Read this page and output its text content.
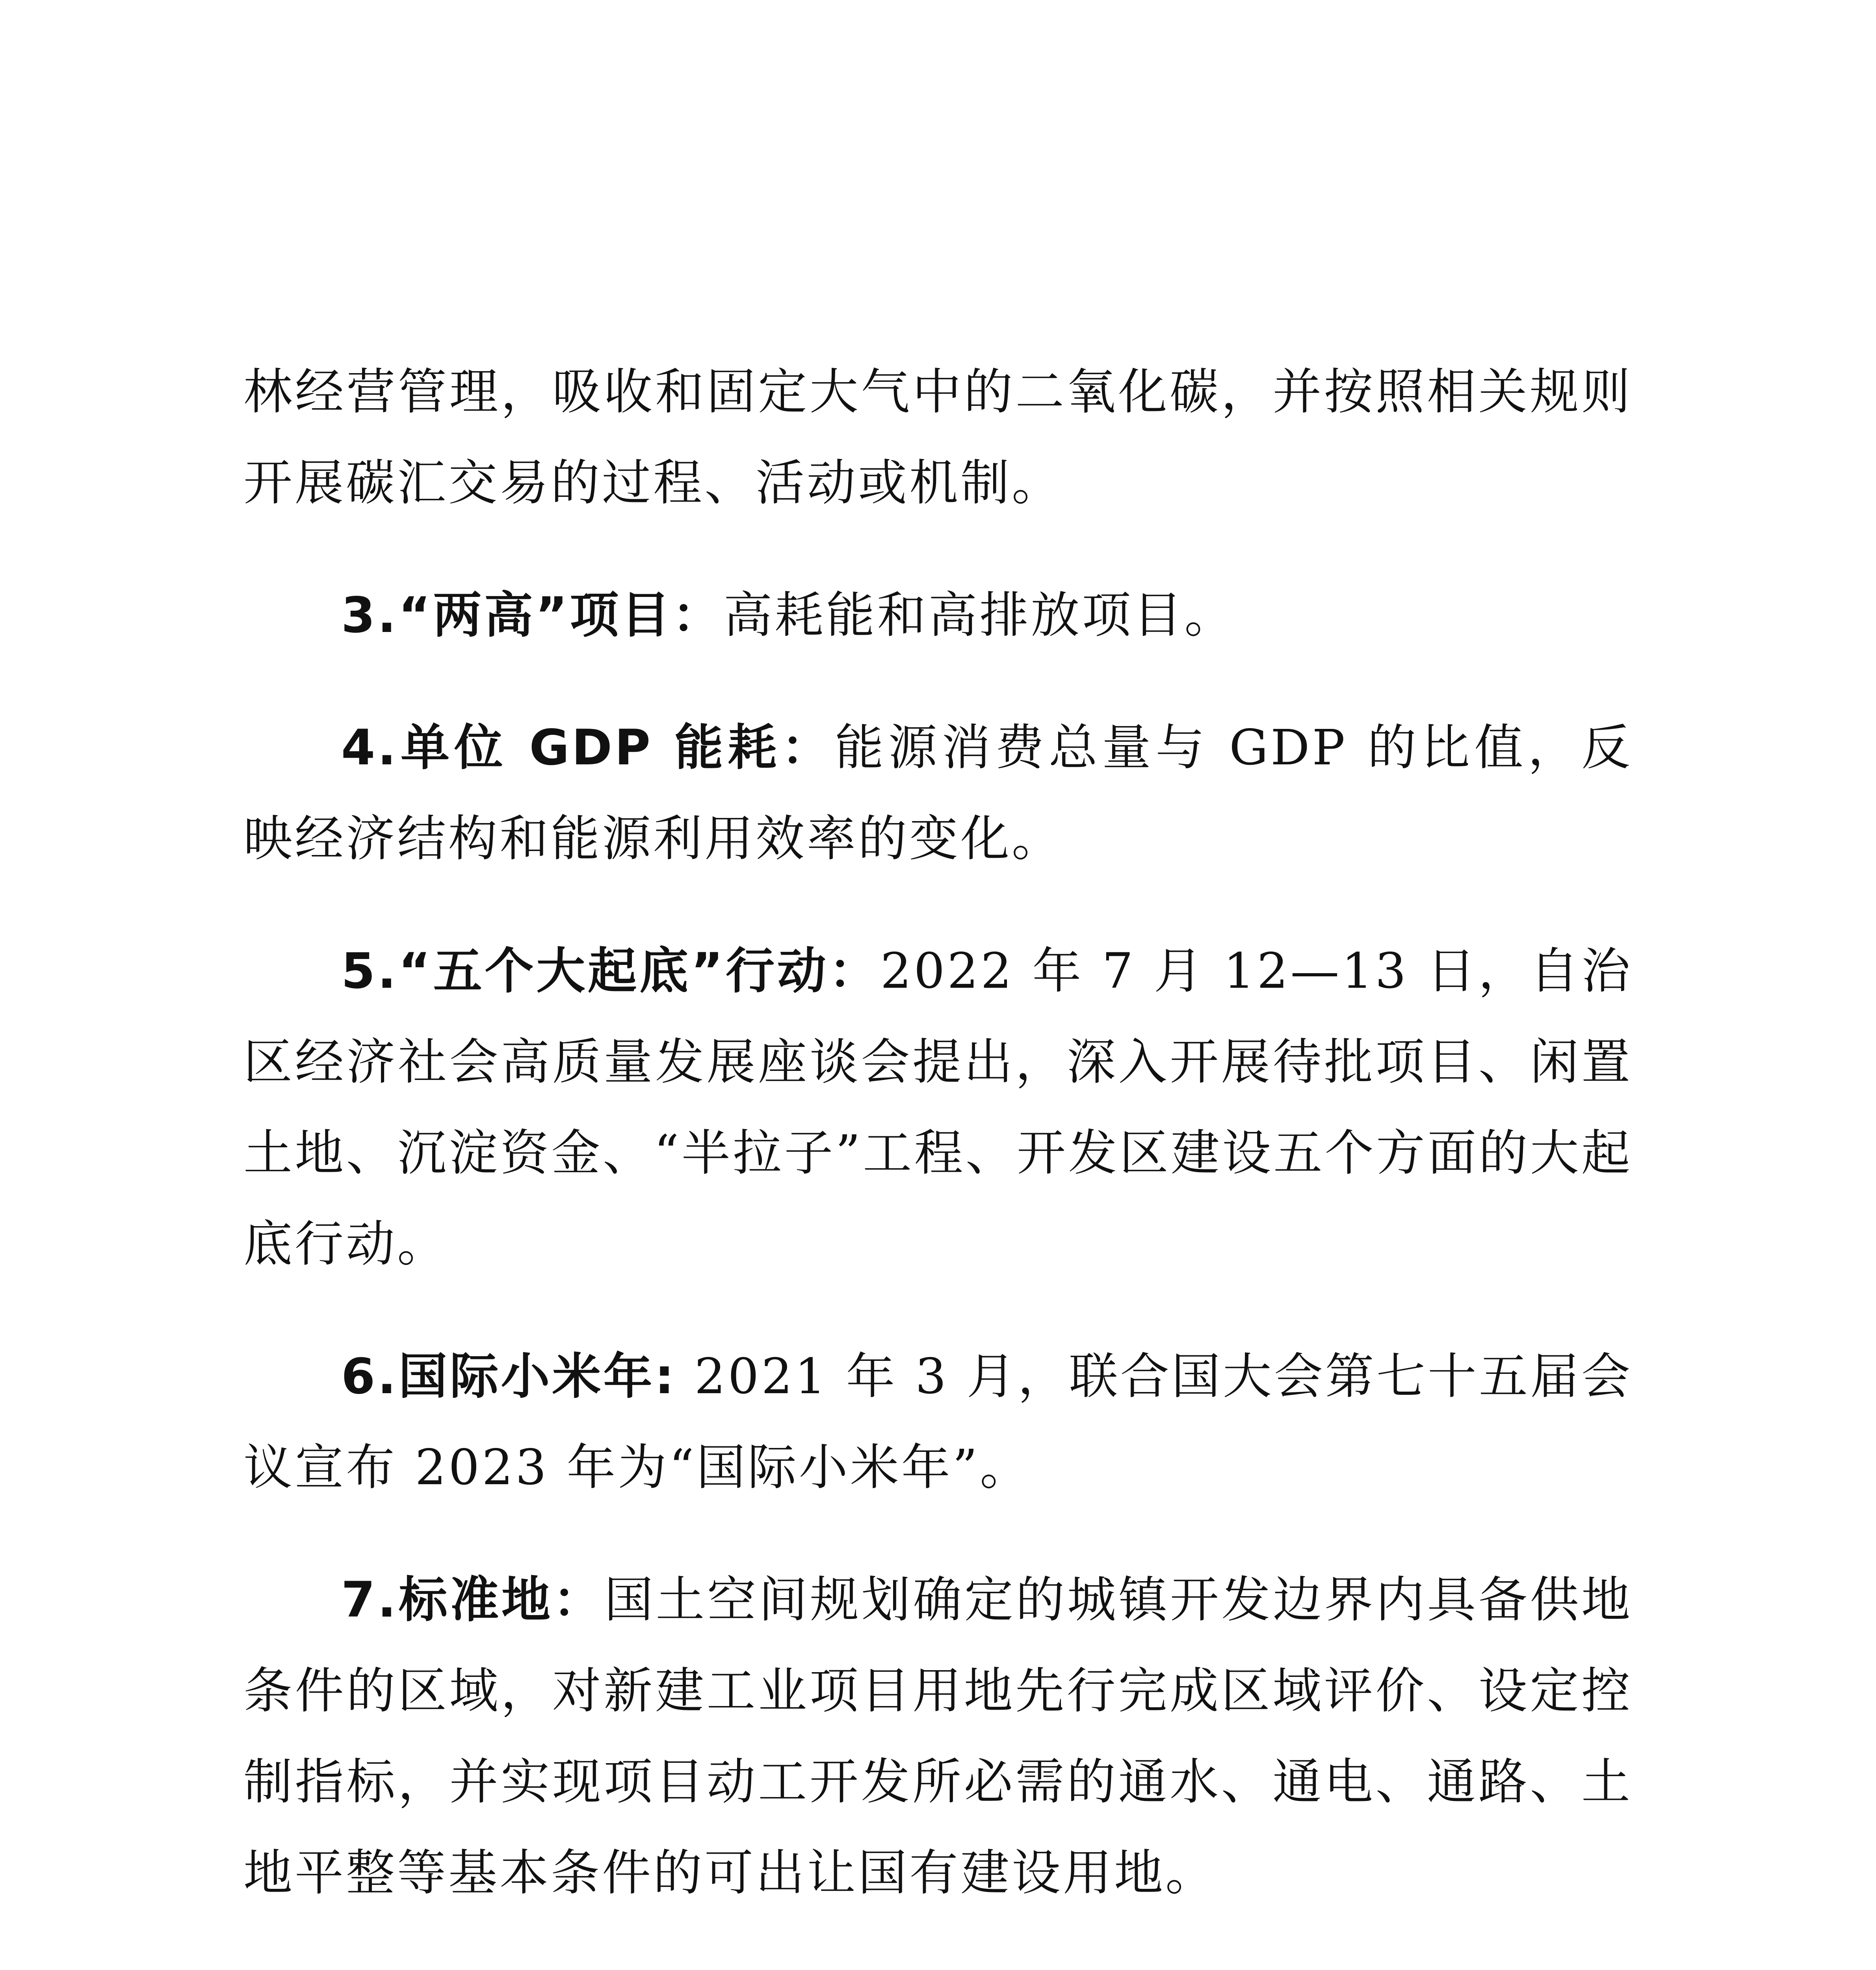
林经营管理，吸收和固定大气中的二氧化碳，并按照相关规则开展碳汇交易的过程、活动或机制。

3.“两高”项目：高耗能和高排放项目。

4.单位 GDP 能耗：能源消费总量与 GDP 的比值，反映经济结构和能源利用效率的变化。

5.“五个大起底”行动：2022 年 7 月 12—13 日，自治区经济社会高质量发展座谈会提出，深入开展待批项目、闲置土地、沉淀资金、“半拉子”工程、开发区建设五个方面的大起底行动。

6.国际小米年: 2021 年 3 月，联合国大会第七十五届会议宣布 2023 年为“国际小米年”。

7.标准地：国土空间规划确定的城镇开发边界内具备供地条件的区域，对新建工业项目用地先行完成区域评价、设定控制指标，并实现项目动工开发所必需的通水、通电、通路、土地平整等基本条件的可出让国有建设用地。
